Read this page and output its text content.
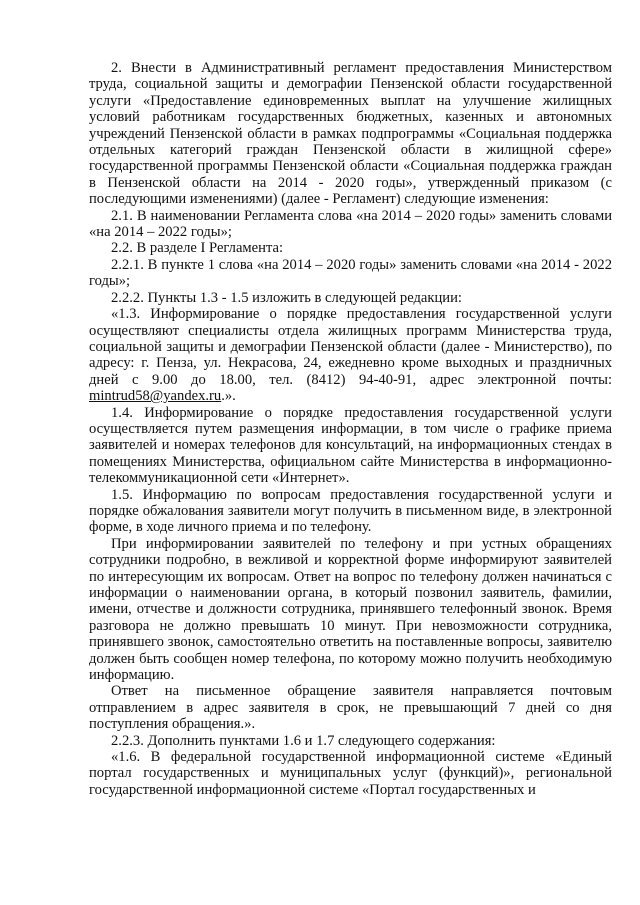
2. Внести в Административный регламент предоставления Министерством труда, социальной защиты и демографии Пензенской области государственной услуги «Предоставление единовременных выплат на улучшение жилищных условий работникам государственных бюджетных, казенных и автономных учреждений Пензенской области в рамках подпрограммы «Социальная поддержка отдельных категорий граждан Пензенской области в жилищной сфере» государственной программы Пензенской области «Социальная поддержка граждан в Пензенской области на 2014 - 2020 годы», утвержденный приказом (с последующими изменениями) (далее - Регламент) следующие изменения:

2.1. В наименовании Регламента слова «на 2014 – 2020 годы» заменить словами «на 2014 – 2022 годы»;

2.2. В разделе I Регламента:

2.2.1. В пункте 1 слова «на 2014 – 2020 годы» заменить словами «на 2014 - 2022 годы»;

2.2.2. Пункты 1.3 - 1.5 изложить в следующей редакции:

«1.3. Информирование о порядке предоставления государственной услуги осуществляют специалисты отдела жилищных программ Министерства труда, социальной защиты и демографии Пензенской области (далее - Министерство), по адресу: г. Пенза, ул. Некрасова, 24, ежедневно кроме выходных и праздничных дней с 9.00 до 18.00, тел. (8412) 94-40-91, адрес электронной почты: mintrud58@yandex.ru.».

1.4. Информирование о порядке предоставления государственной услуги осуществляется путем размещения информации, в том числе о графике приема заявителей и номерах телефонов для консультаций, на информационных стендах в помещениях Министерства, официальном сайте Министерства в информационно-телекоммуникационной сети «Интернет».

1.5. Информацию по вопросам предоставления государственной услуги и порядке обжалования заявители могут получить в письменном виде, в электронной форме, в ходе личного приема и по телефону.

При информировании заявителей по телефону и при устных обращениях сотрудники подробно, в вежливой и корректной форме информируют заявителей по интересующим их вопросам. Ответ на вопрос по телефону должен начинаться с информации о наименовании органа, в который позвонил заявитель, фамилии, имени, отчестве и должности сотрудника, принявшего телефонный звонок. Время разговора не должно превышать 10 минут. При невозможности сотрудника, принявшего звонок, самостоятельно ответить на поставленные вопросы, заявителю должен быть сообщен номер телефона, по которому можно получить необходимую информацию.

Ответ на письменное обращение заявителя направляется почтовым отправлением в адрес заявителя в срок, не превышающий 7 дней со дня поступления обращения.».

2.2.3. Дополнить пунктами 1.6 и 1.7 следующего содержания:

«1.6. В федеральной государственной информационной системе «Единый портал государственных и муниципальных услуг (функций)», региональной государственной информационной системе «Портал государственных и
